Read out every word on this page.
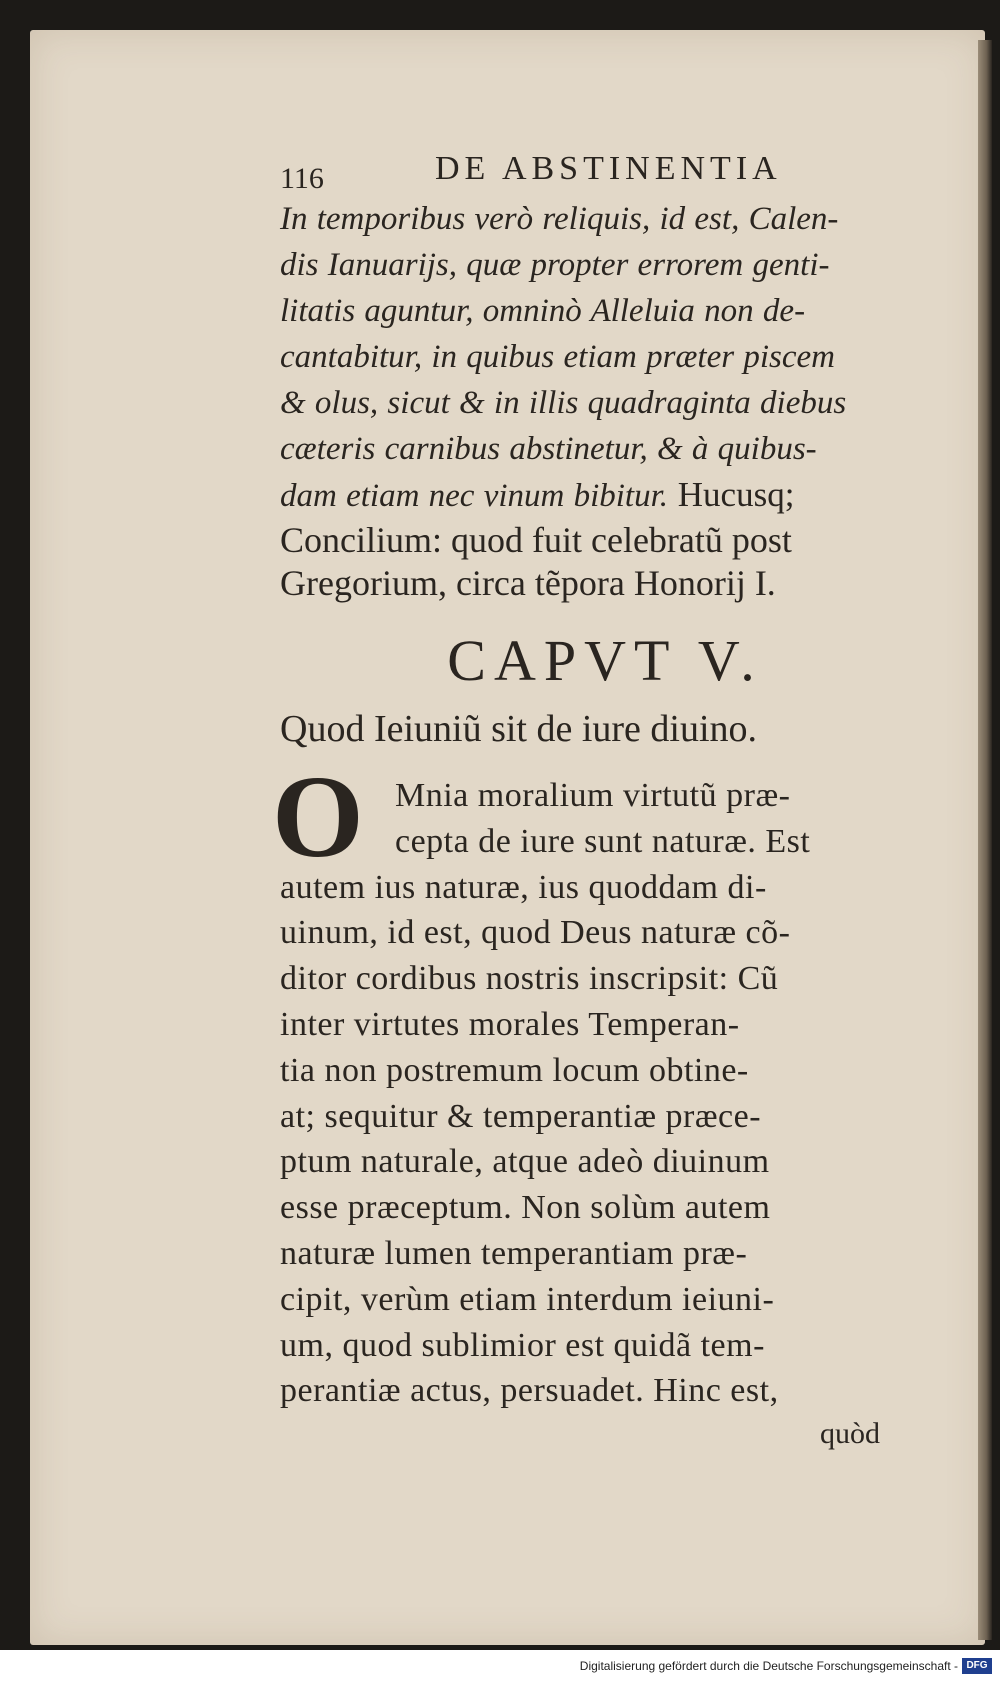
116	DE ABSTINENTIA
In temporibus verò reliquis, id est, Calen-
dis Ianuarijs, quæ propter errorem genti-
litatis aguntur, omninò Alleluia non de-
cantabitur, in quibus etiam præter piscem
& olus, sicut & in illis quadraginta diebus
cæteris carnibus abstinetur, & à quibus-
dam etiam nec vinum bibitur. Hucusq;
Concilium: quod fuit celebratũ post
Gregorium, circa tẽpora Honorij I.
CAPVT V.
Quod Ieiuniũ sit de iure diuino.
O Mnia moralium virtutũ præ-
cepta de iure sunt naturæ. Est
autem ius naturæ, ius quoddam di-
uinum, id est, quod Deus naturæ cõ-
ditor cordibus nostris inscripsit: Cũ
inter virtutes morales Temperan-
tia non postremum locum obtine-
at; sequitur & temperantiæ præce-
ptum naturale, atque adeò diuinum
esse præceptum. Non solùm autem
naturæ lumen temperantiam præ-
cipit, verùm etiam interdum ieiuni-
um, quod sublimior est quidã tem-
perantiæ actus, persuadet. Hinc est,
quòd
Digitalisierung gefördert durch die Deutsche Forschungsgemeinschaft - DFG
